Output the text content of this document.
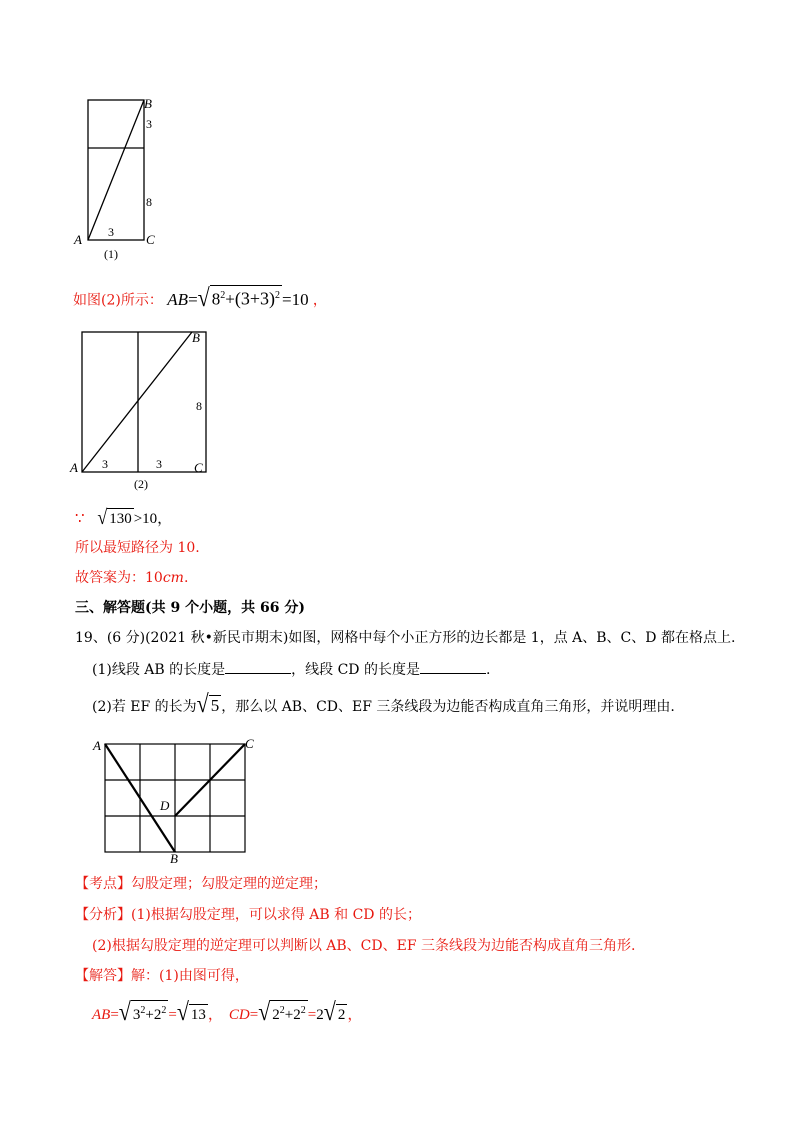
B
3
8
A 3 C
(1)
如图(2)所示： AB=√ $8^2+(3+3)^2 =10$ ，
B
8
A 3	3 C
(2)
∵ √ 130 >10，
所以最短路径为 10.
故答案为：10cm.
三、解答题(共 9 个小题，共 66 分)
19、(6 分)(2021 秋•新民市期末)如图，网格中每个小正方形的边长都是 1，点 A、B、C、D 都在格点上.
(1)线段 AB 的长度是	，线段 CD 的长度是	.
(2)若 EF 的长为√ 5 ，那么以 AB、CD、EF 三条线段为边能否构成直角三角形，并说明理由.
A	C
D
B
【考点】勾股定理；勾股定理的逆定理；
【分析】(1)根据勾股定理，可以求得 AB 和 CD 的长；
(2)根据勾股定理的逆定理可以判断以 AB、CD、EF 三条线段为边能否构成直角三角形.
【解答】解：(1)由图可得，
AB=√ $3^2+2^2$ =√ 13 ， CD=√ $2^2+2^2 =2√$ 2 ，
